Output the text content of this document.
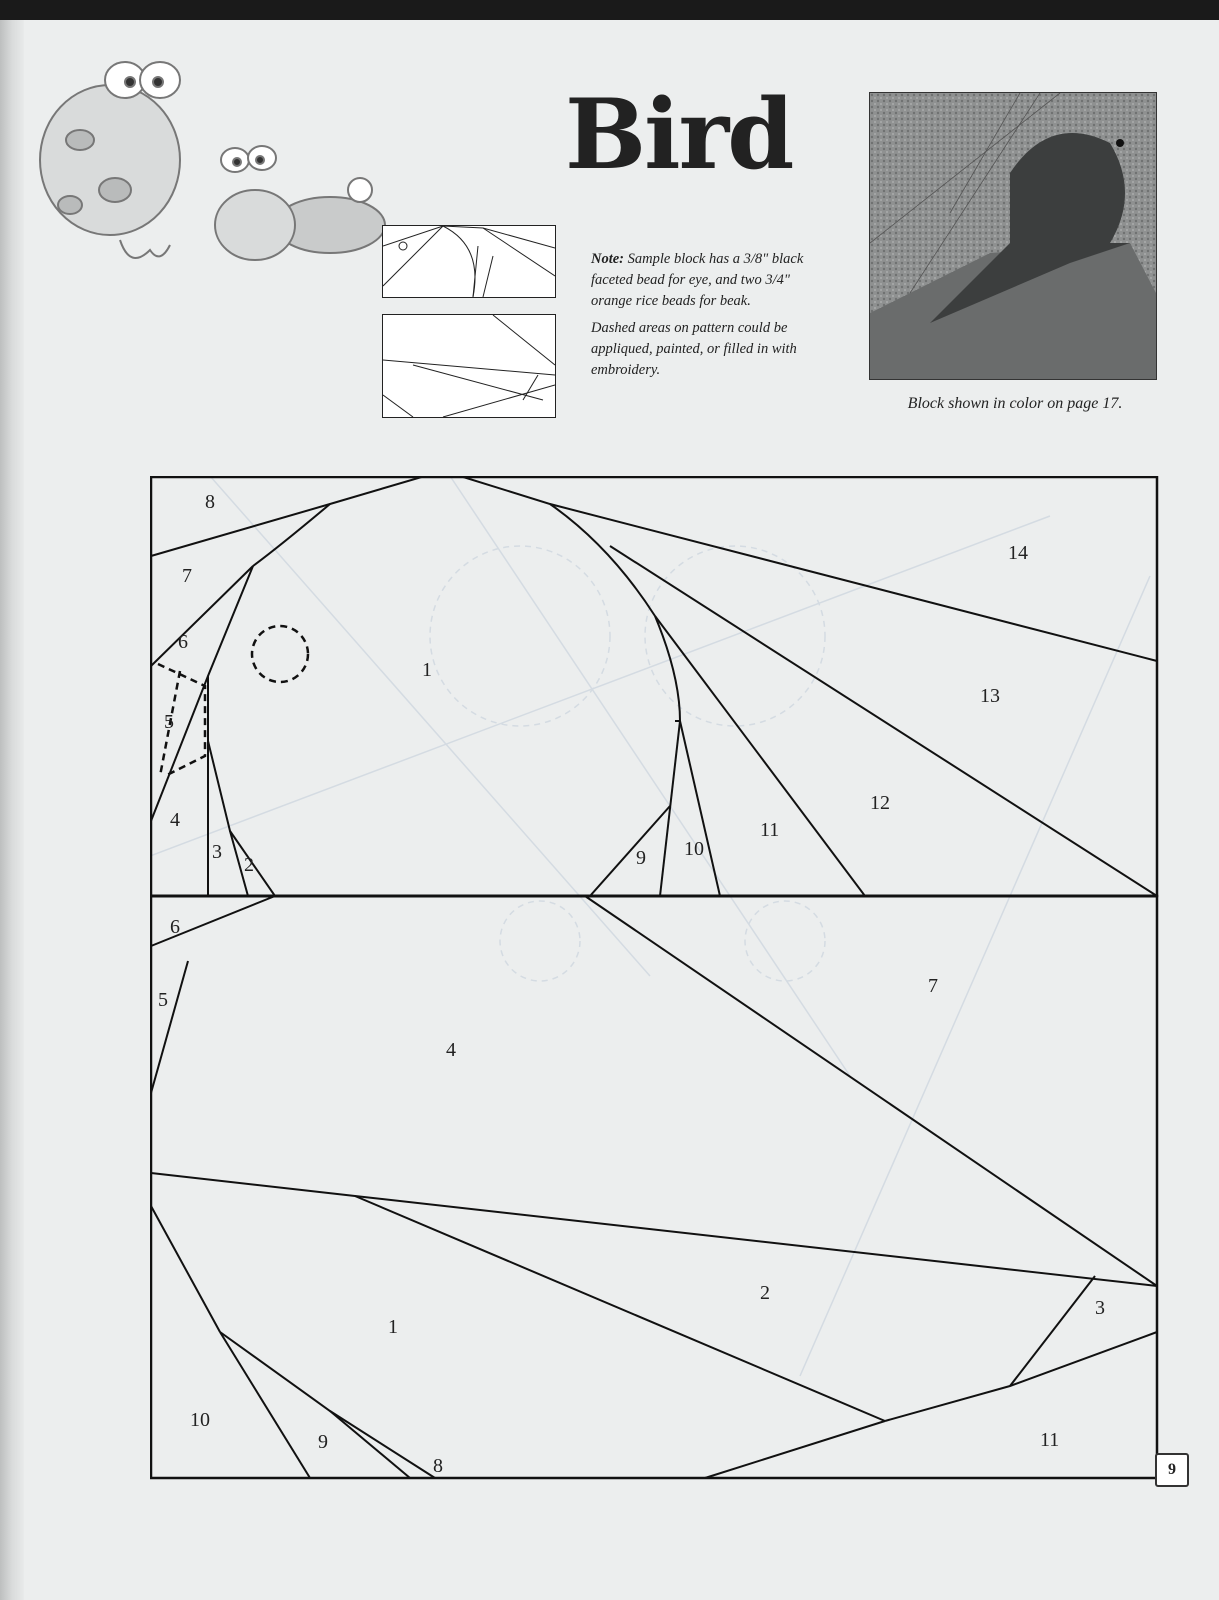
Bird

Note: Sample block has a 3/8" black faceted bead for eye, and two 3/4" orange rice beads for beak.

Dashed areas on pattern could be appliqued, painted, or filled in with embroidery.

Block shown in color on page 17.
8
7
6
5
4
3
2
1
9 10
11
12
13
14
6
5
4
7
1
2
3
10
9
8
11
9
